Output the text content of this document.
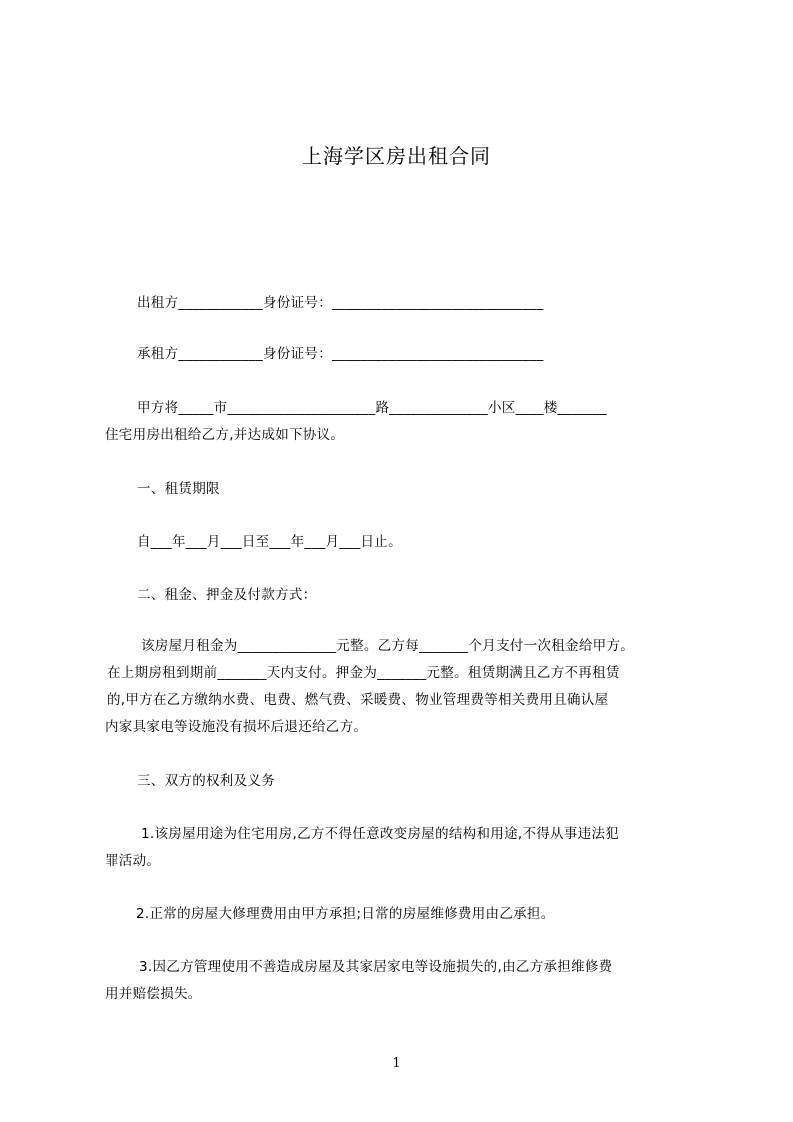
上海学区房出租合同

出租方____________身份证号：______________________________

承租方____________身份证号：______________________________

甲方将_____市_____________________路______________小区____楼_______

住宅用房出租给乙方,并达成如下协议。

一、租赁期限

自___年___月___日至___年___月___日止。

二、租金、押金及付款方式：

该房屋月租金为______________元整。乙方每_______个月支付一次租金给甲方。

在上期房租到期前_______天内支付。押金为_______元整。租赁期满且乙方不再租赁

的,甲方在乙方缴纳水费、电费、燃气费、采暖费、物业管理费等相关费用且确认屋

内家具家电等设施没有损坏后退还给乙方。

三、双方的权利及义务

1.该房屋用途为住宅用房,乙方不得任意改变房屋的结构和用途,不得从事违法犯

罪活动。

2.正常的房屋大修理费用由甲方承担;日常的房屋维修费用由乙承担。

3.因乙方管理使用不善造成房屋及其家居家电等设施损失的,由乙方承担维修费

用并赔偿损失。

1
